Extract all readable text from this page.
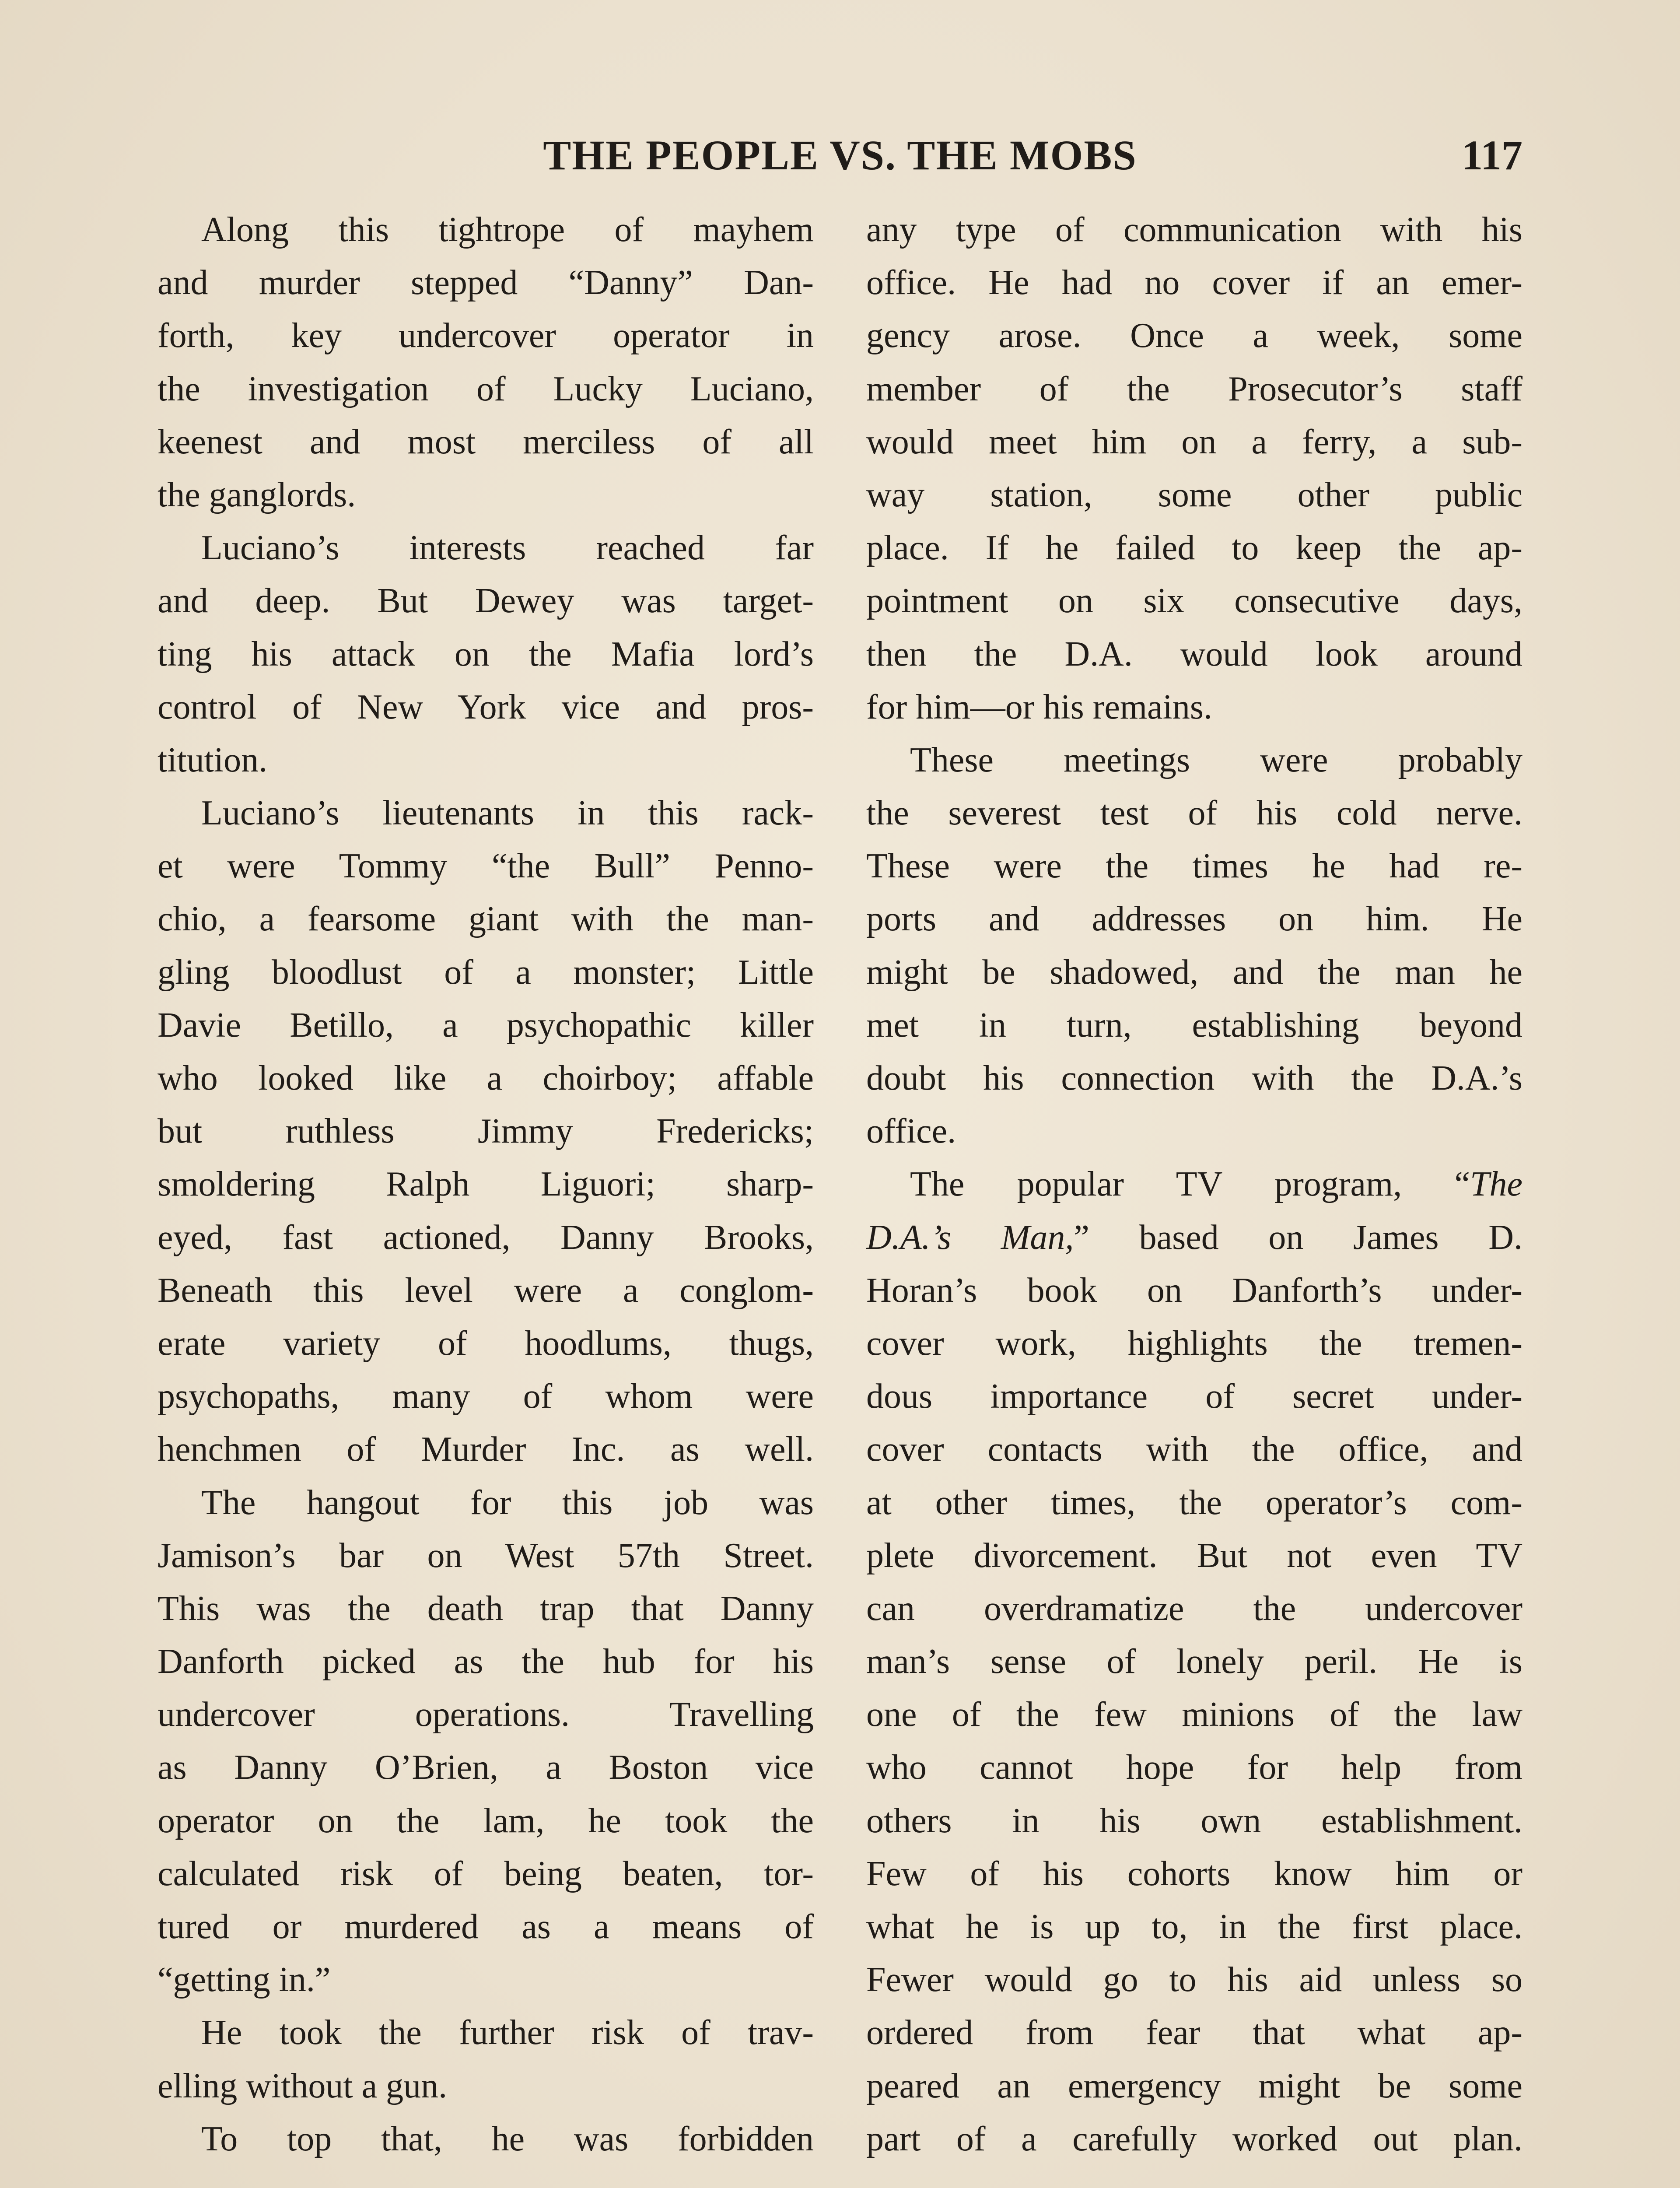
THE PEOPLE VS. THE MOBS	117
Along this tightrope of mayhem
and murder stepped “Danny” Dan-
forth, key undercover operator in
the investigation of Lucky Luciano,
keenest and most merciless of all
the ganglords.
Luciano’s interests reached far
and deep. But Dewey was target-
ting his attack on the Mafia lord’s
control of New York vice and pros-
titution.
Luciano’s lieutenants in this rack-
et were Tommy “the Bull” Penno-
chio, a fearsome giant with the man-
gling bloodlust of a monster; Little
Davie Betillo, a psychopathic killer
who looked like a choirboy; affable
but ruthless Jimmy Fredericks;
smoldering Ralph Liguori; sharp-
eyed, fast actioned, Danny Brooks,
Beneath this level were a conglom-
erate variety of hoodlums, thugs,
psychopaths, many of whom were
henchmen of Murder Inc. as well.
The hangout for this job was
Jamison’s bar on West 57th Street.
This was the death trap that Danny
Danforth picked as the hub for his
undercover operations. Travelling
as Danny O’Brien, a Boston vice
operator on the lam, he took the
calculated risk of being beaten, tor-
tured or murdered as a means of
“getting in.”
He took the further risk of trav-
elling without a gun.
To top that, he was forbidden
any type of communication with his
office. He had no cover if an emer-
gency arose. Once a week, some
member of the Prosecutor’s staff
would meet him on a ferry, a sub-
way station, some other public
place. If he failed to keep the ap-
pointment on six consecutive days,
then the D.A. would look around
for him—or his remains.
These meetings were probably
the severest test of his cold nerve.
These were the times he had re-
ports and addresses on him. He
might be shadowed, and the man he
met in turn, establishing beyond
doubt his connection with the D.A.’s
office.
The popular TV program, “The
D.A.’s Man,” based on James D.
Horan’s book on Danforth’s under-
cover work, highlights the tremen-
dous importance of secret under-
cover contacts with the office, and
at other times, the operator’s com-
plete divorcement. But not even TV
can overdramatize the undercover
man’s sense of lonely peril. He is
one of the few minions of the law
who cannot hope for help from
others in his own establishment.
Few of his cohorts know him or
what he is up to, in the first place.
Fewer would go to his aid unless so
ordered from fear that what ap-
peared an emergency might be some
part of a carefully worked out plan.
